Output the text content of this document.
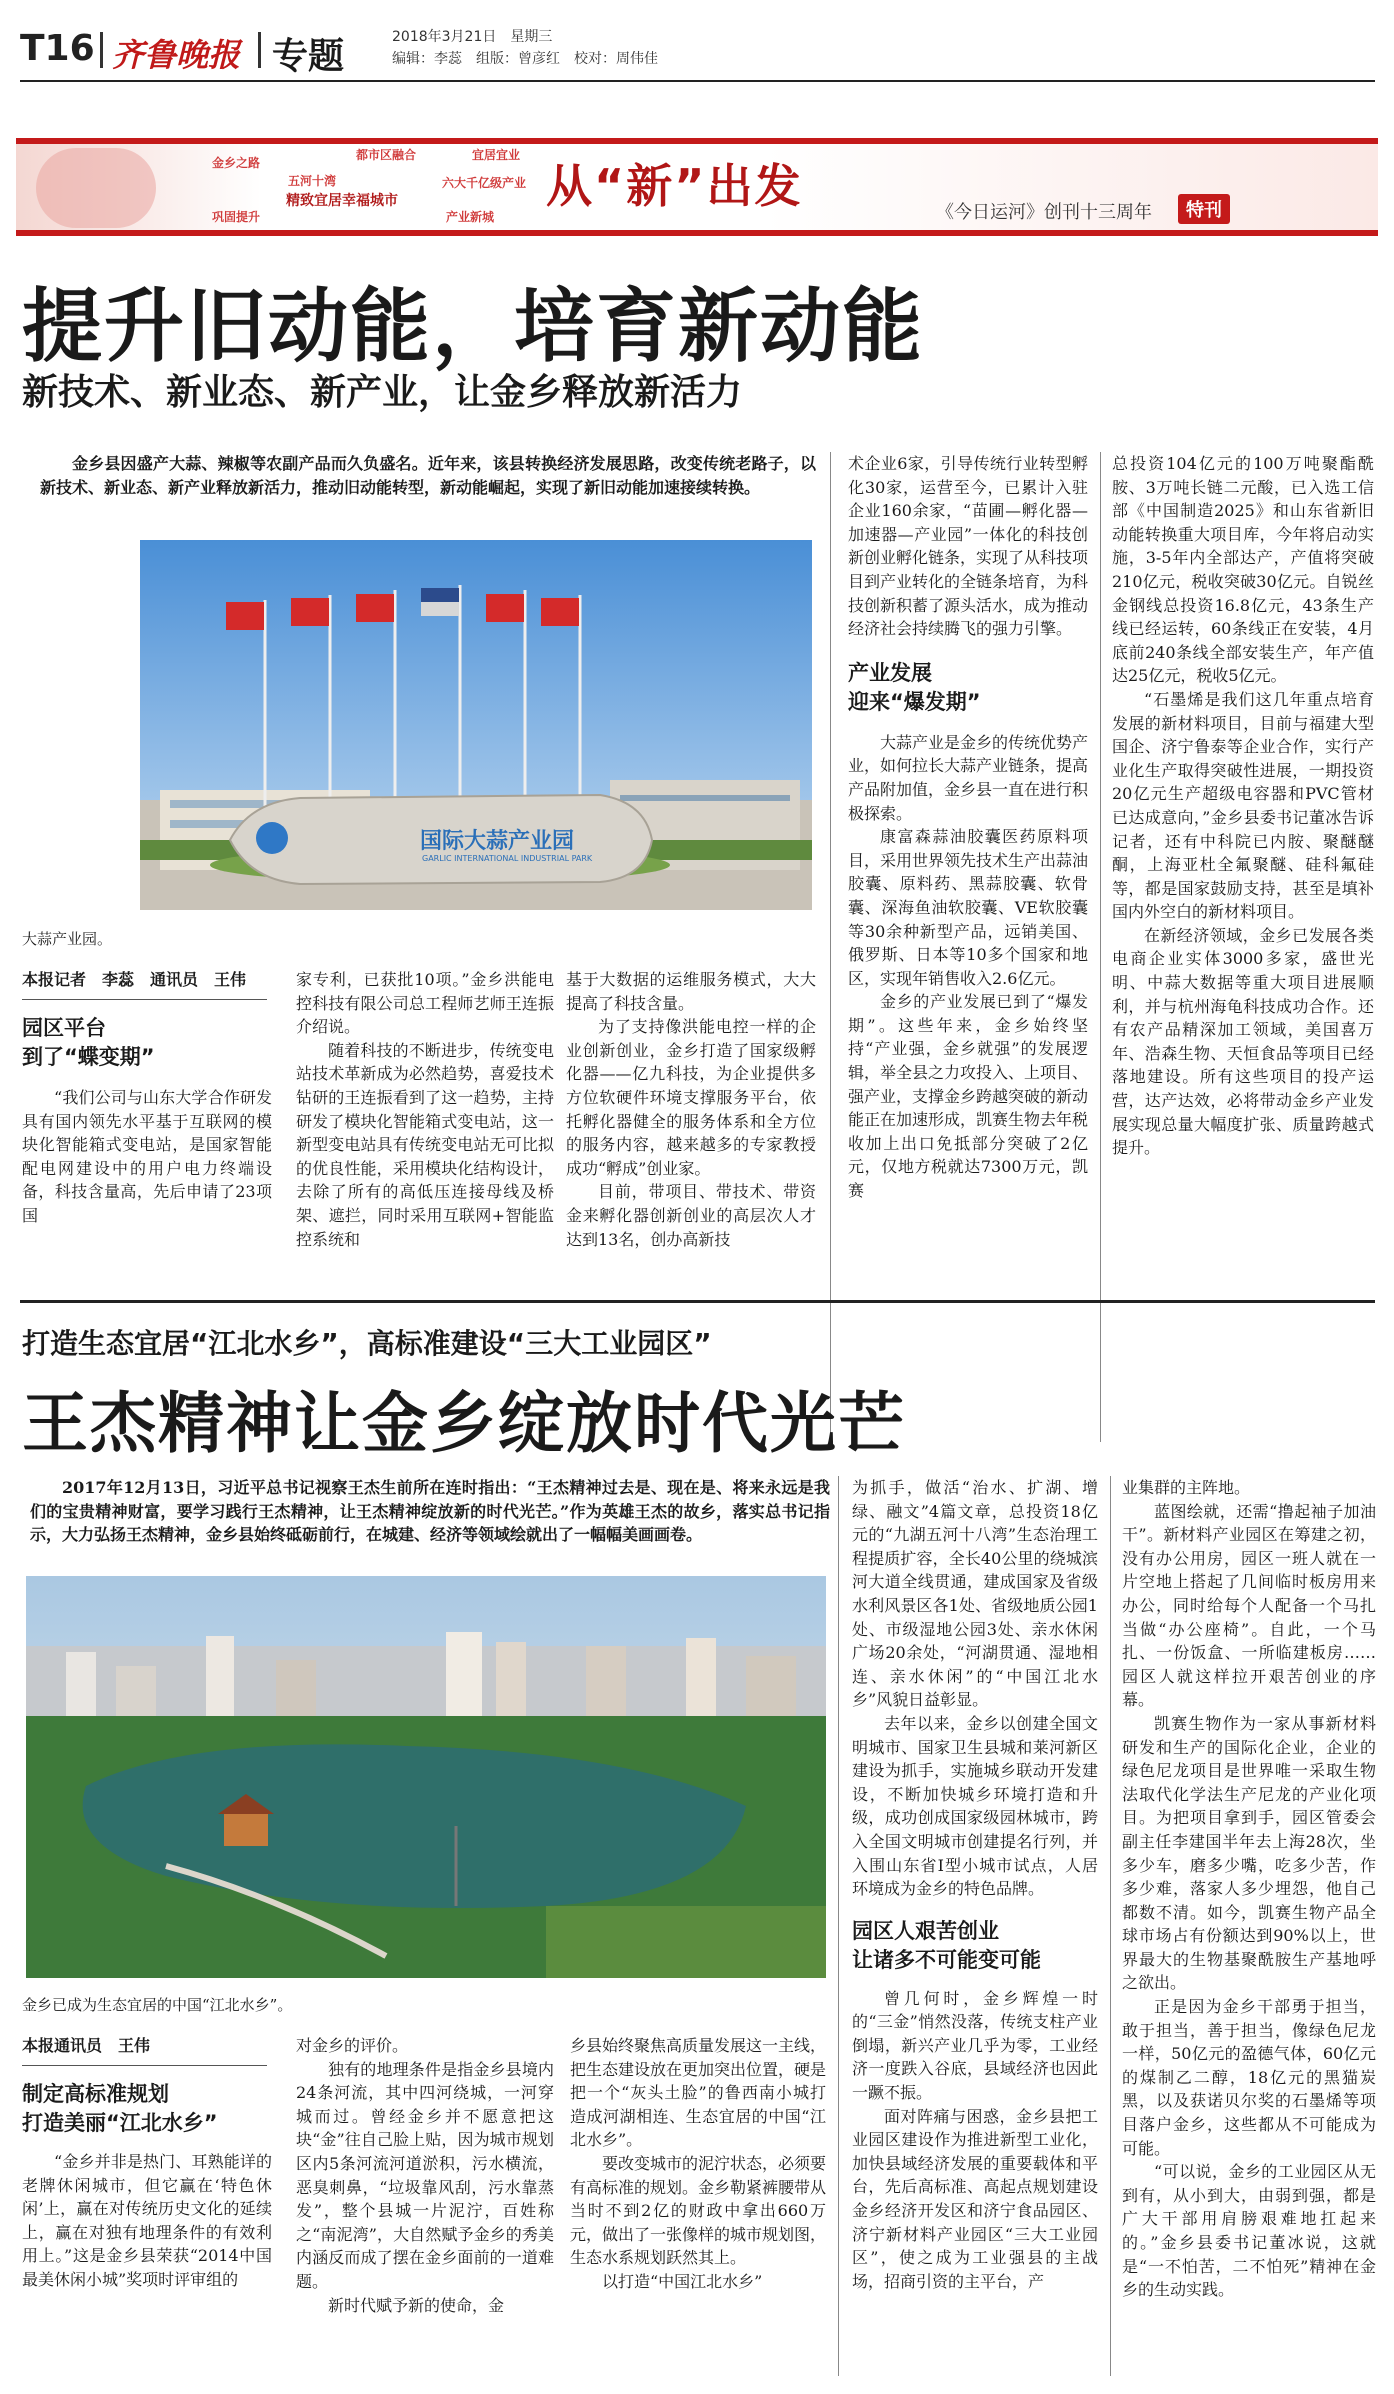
T16 齐鲁晚报 专题	2018年3月21日　星期三
编辑：李蕊　组版：曾彦红　校对：周伟佳
都市区融合
精致宜居幸福城市
五河十湾	六大千亿级产业
宜居宜业
金乡之路
巩固提升	产业新城
从“新”出发	《今日运河》创刊十三周年	特刊
提升旧动能，培育新动能
新技术、新业态、新产业，让金乡释放新活力
金乡县因盛产大蒜、辣椒等农副产品而久负盛名。近年来，该县转换经济发展思路，改变传统老路子，以新技术、新业态、新产业释放新活力，推动旧动能转型，新动能崛起，实现了新旧动能加速接续转换。
国际大蒜产业园
GARLIC INTERNATIONAL INDUSTRIAL PARK
大蒜产业园。
本报记者　李蕊　通讯员　王伟
园区平台
到了“蝶变期”
“我们公司与山东大学合作研发具有国内领先水平基于互联网的模块化智能箱式变电站，是国家智能配电网建设中的用户电力终端设备，科技含量高，先后申请了23项国
家专利，已获批10项。”金乡洪能电控科技有限公司总工程师艺师王连振介绍说。
随着科技的不断进步，传统变电站技术革新成为必然趋势，喜爱技术钻研的王连振看到了这一趋势，主持研发了模块化智能箱式变电站，这一新型变电站具有传统变电站无可比拟的优良性能，采用模块化结构设计，去除了所有的高低压连接母线及桥架、遮拦，同时采用互联网+智能监控系统和
基于大数据的运维服务模式，大大提高了科技含量。
为了支持像洪能电控一样的企业创新创业，金乡打造了国家级孵化器——亿九科技，为企业提供多方位软硬件环境支撑服务平台，依托孵化器健全的服务体系和全方位的服务内容，越来越多的专家教授成功“孵成”创业家。
目前，带项目、带技术、带资金来孵化器创新创业的高层次人才达到13名，创办高新技
术企业6家，引导传统行业转型孵化30家，运营至今，已累计入驻企业160余家，“苗圃—孵化器—加速器—产业园”一体化的科技创新创业孵化链条，实现了从科技项目到产业转化的全链条培育，为科技创新积蓄了源头活水，成为推动经济社会持续腾飞的强力引擎。
产业发展
迎来“爆发期”
大蒜产业是金乡的传统优势产业，如何拉长大蒜产业链条，提高产品附加值，金乡县一直在进行积极探索。
康富森蒜油胶囊医药原料项目，采用世界领先技术生产出蒜油胶囊、原料药、黑蒜胶囊、软骨囊、深海鱼油软胶囊、VE软胶囊等30余种新型产品，远销美国、俄罗斯、日本等10多个国家和地区，实现年销售收入2.6亿元。
金乡的产业发展已到了“爆发期”。这些年来，金乡始终坚持“产业强，金乡就强”的发展逻辑，举全县之力攻投入、上项目、强产业，支撑金乡跨越突破的新动能正在加速形成，凯赛生物去年税收加上出口免抵部分突破了2亿元，仅地方税就达7300万元，凯赛
总投资104亿元的100万吨聚酯酰胺、3万吨长链二元酸，已入选工信部《中国制造2025》和山东省新旧动能转换重大项目库，今年将启动实施，3-5年内全部达产，产值将突破210亿元，税收突破30亿元。自锐丝金钢线总投资16.8亿元，43条生产线已经运转，60条线正在安装，4月底前240条线全部安装生产，年产值达25亿元，税收5亿元。
“石墨烯是我们这几年重点培育发展的新材料项目，目前与福建大型国企、济宁鲁泰等企业合作，实行产业化生产取得突破性进展，一期投资20亿元生产超级电容器和PVC管材已达成意向，”金乡县委书记董冰告诉记者，还有中科院已内胺、聚醚醚酮，上海亚杜全氟聚醚、硅科氟硅等，都是国家鼓励支持，甚至是填补国内外空白的新材料项目。
在新经济领域，金乡已发展各类电商企业实体3000多家，盛世光明、中蒜大数据等重大项目进展顺利，并与杭州海龟科技成功合作。还有农产品精深加工领域，美国喜万年、浩森生物、天恒食品等项目已经落地建设。所有这些项目的投产运营，达产达效，必将带动金乡产业发展实现总量大幅度扩张、质量跨越式提升。
打造生态宜居“江北水乡”，高标准建设“三大工业园区”
王杰精神让金乡绽放时代光芒
2017年12月13日，习近平总书记视察王杰生前所在连时指出：“王杰精神过去是、现在是、将来永远是我们的宝贵精神财富，要学习践行王杰精神，让王杰精神绽放新的时代光芒。”作为英雄王杰的故乡，落实总书记指示，大力弘扬王杰精神，金乡县始终砥砺前行，在城建、经济等领域绘就出了一幅幅美画画卷。
金乡已成为生态宜居的中国“江北水乡”。
本报通讯员　王伟
制定高标准规划
打造美丽“江北水乡”
“金乡并非是热门、耳熟能详的老牌休闲城市，但它赢在‘特色休闲’上，赢在对传统历史文化的延续上，赢在对独有地理条件的有效利用上。”这是金乡县荣获“2014中国最美休闲小城”奖项时评审组的
对金乡的评价。
独有的地理条件是指金乡县境内24条河流，其中四河绕城，一河穿城而过。曾经金乡并不愿意把这块“金”往自己脸上贴，因为城市规划区内5条河流河道淤积，污水横流，恶臭刺鼻，“垃圾靠风刮，污水靠蒸发”，整个县城一片泥泞，百姓称之“南泥湾”，大自然赋予金乡的秀美内涵反而成了摆在金乡面前的一道难题。
新时代赋予新的使命，金
乡县始终聚焦高质量发展这一主线，把生态建设放在更加突出位置，硬是把一个“灰头土脸”的鲁西南小城打造成河湖相连、生态宜居的中国“江北水乡”。
要改变城市的泥泞状态，必须要有高标准的规划。金乡勒紧裤腰带从当时不到2亿的财政中拿出660万元，做出了一张像样的城市规划图，生态水系规划跃然其上。
以打造“中国江北水乡”
为抓手，做活“治水、扩湖、增绿、融文”4篇文章，总投资18亿元的“九湖五河十八湾”生态治理工程提质扩容，全长40公里的绕城滨河大道全线贯通，建成国家及省级水利风景区各1处、省级地质公园1处、市级湿地公园3处、亲水休闲广场20余处，“河湖贯通、湿地相连、亲水休闲”的“中国江北水乡”风貌日益彰显。
去年以来，金乡以创建全国文明城市、国家卫生县城和莱河新区建设为抓手，实施城乡联动开发建设，不断加快城乡环境打造和升级，成功创成国家级园林城市，跨入全国文明城市创建提名行列，并入围山东省Ⅰ型小城市试点，人居环境成为金乡的特色品牌。
园区人艰苦创业
让诸多不可能变可能
曾几何时，金乡辉煌一时的“三金”悄然没落，传统支柱产业倒塌，新兴产业几乎为零，工业经济一度跌入谷底，县域经济也因此一蹶不振。
面对阵痛与困惑，金乡县把工业园区建设作为推进新型工业化，加快县域经济发展的重要载体和平台，先后高标准、高起点规划建设金乡经济开发区和济宁食品园区、济宁新材料产业园区“三大工业园区”，使之成为工业强县的主战场，招商引资的主平台，产
业集群的主阵地。
蓝图绘就，还需“撸起袖子加油干”。新材料产业园区在筹建之初，没有办公用房，园区一班人就在一片空地上搭起了几间临时板房用来办公，同时给每个人配备一个马扎当做“办公座椅”。自此，一个马扎、一份饭盒、一所临建板房……园区人就这样拉开艰苦创业的序幕。
凯赛生物作为一家从事新材料研发和生产的国际化企业，企业的绿色尼龙项目是世界唯一采取生物法取代化学法生产尼龙的产业化项目。为把项目拿到手，园区管委会副主任李建国半年去上海28次，坐多少车，磨多少嘴，吃多少苦，作多少难，落家人多少埋怨，他自己都数不清。如今，凯赛生物产品全球市场占有份额达到90%以上，世界最大的生物基聚酰胺生产基地呼之欲出。
正是因为金乡干部勇于担当，敢于担当，善于担当，像绿色尼龙一样，50亿元的盈德气体，60亿元的煤制乙二醇，18亿元的黑猫炭黑，以及获诺贝尔奖的石墨烯等项目落户金乡，这些都从不可能成为可能。
“可以说，金乡的工业园区从无到有，从小到大，由弱到强，都是广大干部用肩膀艰难地扛起来的。”金乡县委书记董冰说，这就是“一不怕苦，二不怕死”精神在金乡的生动实践。
